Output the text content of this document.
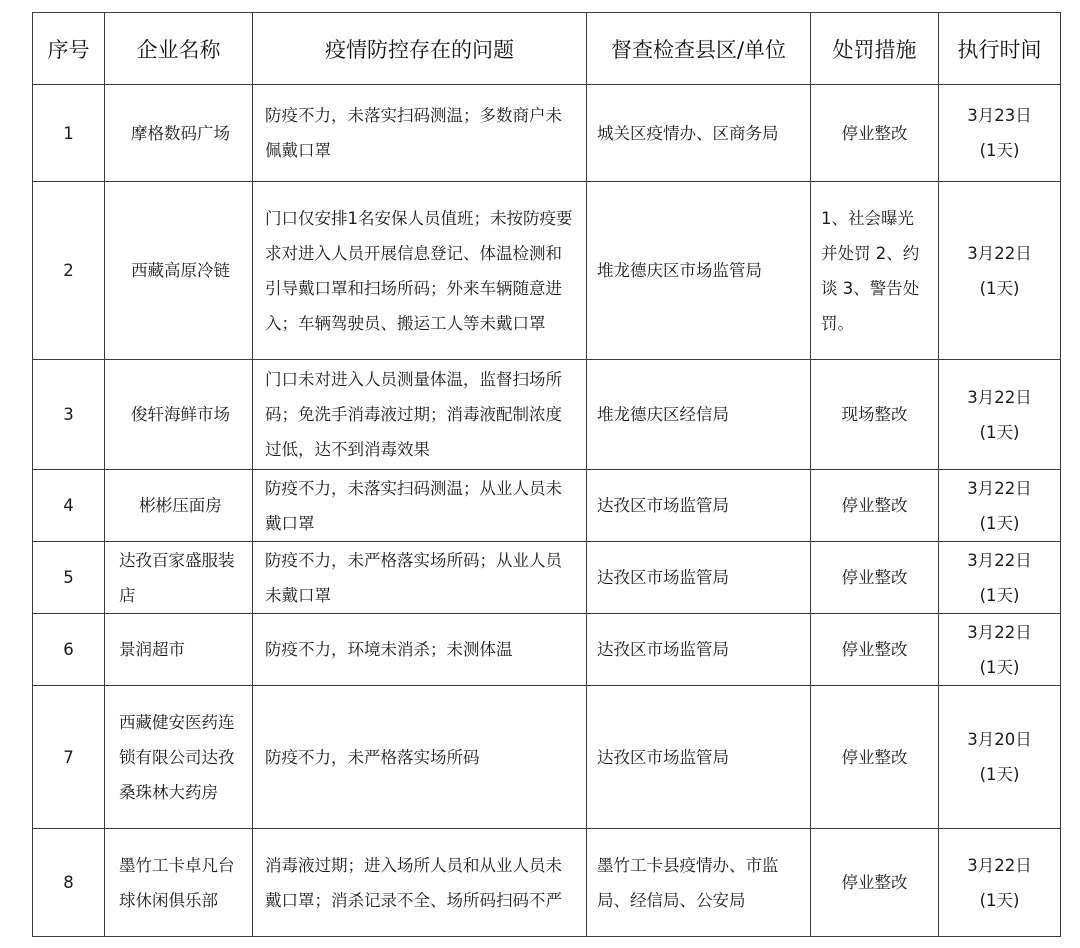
序号	企业名称	疫情防控存在的问题	督查检查县区/单位	处罚措施	执行时间
1	摩格数码广场	防疫不力，未落实扫码测温；多数商户未佩戴口罩	城关区疫情办、区商务局	停业整改	3月23日
(1天)

2	西藏高原冷链	门口仅安排1名安保人员值班；未按防疫要求对进入人员开展信息登记、体温检测和引导戴口罩和扫场所码；外来车辆随意进入；车辆驾驶员、搬运工人等未戴口罩	堆龙德庆区市场监管局	1、社会曝光并处罚 2、约谈 3、警告处罚。	3月22日
(1天)

3	俊轩海鲜市场	门口未对进入人员测量体温，监督扫场所码；免洗手消毒液过期；消毒液配制浓度过低，达不到消毒效果	堆龙德庆区经信局	现场整改	3月22日
(1天)

4	彬彬压面房	防疫不力，未落实扫码测温；从业人员未戴口罩	达孜区市场监管局	停业整改	3月22日
(1天)

5	达孜百家盛服装店	防疫不力，未严格落实场所码；从业人员未戴口罩	达孜区市场监管局	停业整改	3月22日
(1天)

6	景润超市	防疫不力，环境未消杀；未测体温	达孜区市场监管局	停业整改	3月22日
(1天)

7	西藏健安医药连锁有限公司达孜桑珠林大药房	防疫不力，未严格落实场所码	达孜区市场监管局	停业整改	3月20日
(1天)

8	墨竹工卡卓凡台球休闲俱乐部	消毒液过期；进入场所人员和从业人员未戴口罩；消杀记录不全、场所码扫码不严	墨竹工卡县疫情办、市监局、经信局、公安局	停业整改	3月22日
(1天)
